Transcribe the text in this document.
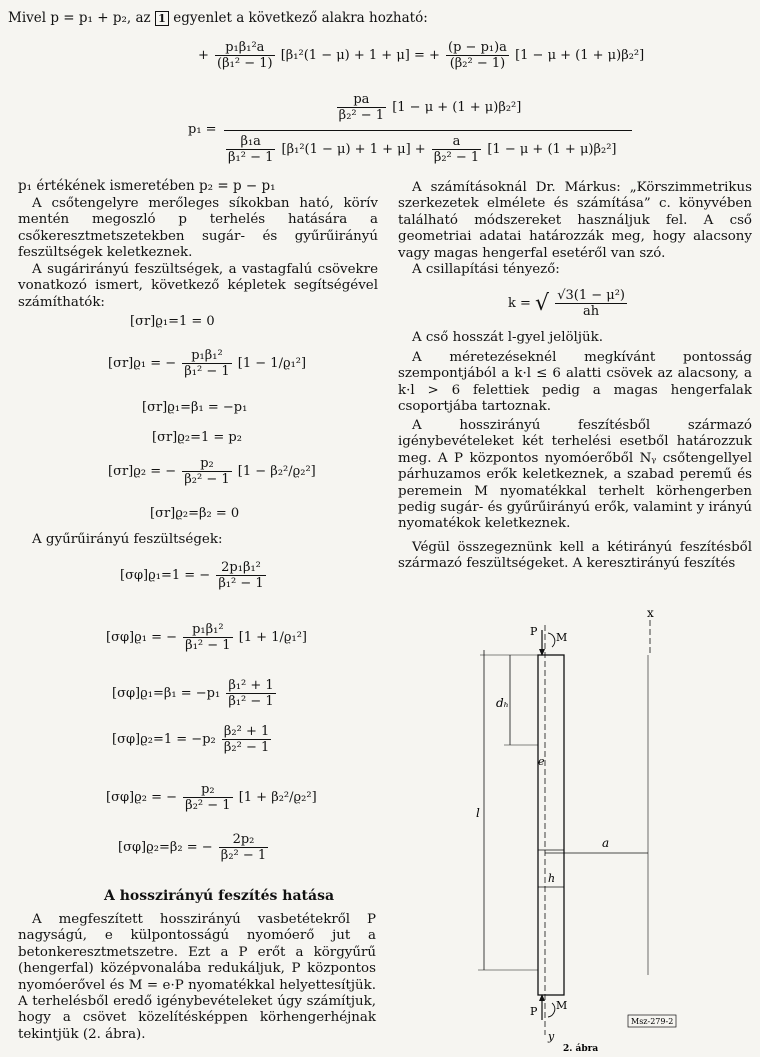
Mivel p = p₁ + p₂, az 1 egyenlet a következő alakra hozható:
+ $\frac{\text{p₁β₁²a}}{\text{(β₁² − 1)}} [\beta_1^2(1 - \mu) + 1 + \mu]$ = + $\frac{\text{(p − p₁)a}}{\text{(β₂² − 1)}} [1 - \mu + (1 + \mu)\beta_2^2]$
p₁ =
$\frac{pa}{\text{β₂² − 1}} [1 - \mu + (1 + \mu)\beta_2^2]$
$\frac{\text{β₁a}}{\text{β₁² − 1}} [\beta_1^2(1 - \mu) + 1 + \mu] + \frac{a}{\text{β₂² − 1}} [1 - \mu + (1 + \mu)\beta_2^2]$
p₁ értékének ismeretében p₂ = p − p₁
A csőtengelyre merőleges síkokban ható, körív mentén megoszló p terhelés hatására a csőkeresztmetszetekben sugár- és gyűrűirányú feszültségek keletkeznek.
A sugárirányú feszültségek, a vastagfalú csövekre vonatkozó ismert, következő képletek segítségével számíthatók:
[σr]ϱ₁=1 = 0
[σr]ϱ₁ = − $\frac{\text{p₁β₁²}}{\text{β₁² − 1}} [1 - 1/ϱ_1^2]$
[σr]ϱ₁=β₁ = −p₁
[σr]ϱ₂=1 = p₂
[σr]ϱ₂ = − $\frac{\text{p₂}}{\text{β₂² − 1}} [1 - \beta_2^2/ϱ_2^2]$
[σr]ϱ₂=β₂ = 0
A gyűrűirányú feszültségek:
[σφ]ϱ₁=1 = − $\frac{\text{2p₁β₁²}}{\text{β₁² − 1}}$
[σφ]ϱ₁ = − $\frac{\text{p₁β₁²}}{\text{β₁² − 1}} [1 + 1/ϱ_1^2]$
$[\sigma\varphi]ϱ_1=\beta_1 = -p_1 \frac{\text{β₁² + 1}}{\text{β₁² − 1}}$
$[\sigma\varphi]ϱ_2=1 = -p_2 \frac{\text{β₂² + 1}}{\text{β₂² − 1}}$
[σφ]ϱ₂ = − $\frac{\text{p₂}}{\text{β₂² − 1}} [1 + \beta_2^2/ϱ_2^2]$
[σφ]ϱ₂=β₂ = − $\frac{\text{2p₂}}{\text{β₂² − 1}}$
A hosszirányú feszítés hatása
A megfeszített hosszirányú vasbetétekről P nagyságú, e külpontosságú nyomóerő jut a betonkeresztmetszetre. Ezt a P erőt a körgyűrű (hengerfal) középvonalába redukáljuk, P központos nyomóerővel és M = e·P nyomatékkal helyettesítjük. A terhelésből eredő igénybevételeket úgy számítjuk, hogy a csövet közelítésképpen körhengerhéjnak tekintjük (2. ábra).
A számításoknál Dr. Márkus: „Körszimmetrikus szerkezetek elmélete és számítása” c. könyvében található módszereket használjuk fel. A cső geometriai adatai határozzák meg, hogy alacsony vagy magas hengerfal esetéről van szó.
A csillapítási tényező:
k = √ $\frac{\text{√3(1 − μ²)}}{ah}$
A cső hosszát l-gyel jelöljük.
A méretezéseknél megkívánt pontosság szempontjából a k·l ≤ 6 alatti csövek az alacsony, a k·l > 6 felettiek pedig a magas hengerfalak csoportjába tartoznak.
A hosszirányú feszítésből származó igénybevételeket két terhelési esetből határozzuk meg. A P központos nyomóerőből Nᵧ csőtengellyel párhuzamos erők keletkeznek, a szabad peremű és peremein M nyomatékkal terhelt körhengerben pedig sugár- és gyűrűirányú erők, valamint y irányú nyomatékok keletkeznek.
Végül összegeznünk kell a kétirányú feszítésből származó feszültségeket. A keresztirányú feszítés
P M
x
dₕ
e
l
a
h
P M
y
Msz-279-2
2. ábra
